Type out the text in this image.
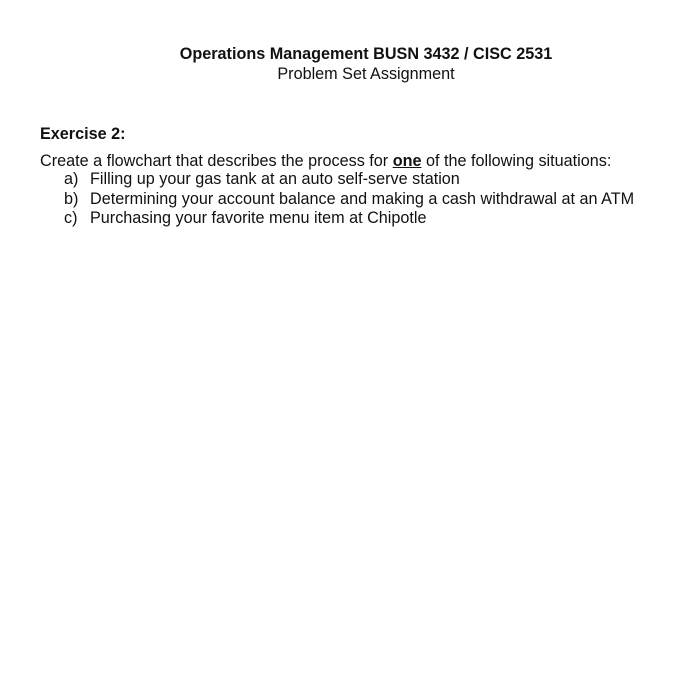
Operations Management BUSN 3432 / CISC 2531
Problem Set Assignment
Exercise 2:
Create a flowchart that describes the process for one of the following situations:
a) Filling up your gas tank at an auto self-serve station
b) Determining your account balance and making a cash withdrawal at an ATM
c) Purchasing your favorite menu item at Chipotle
